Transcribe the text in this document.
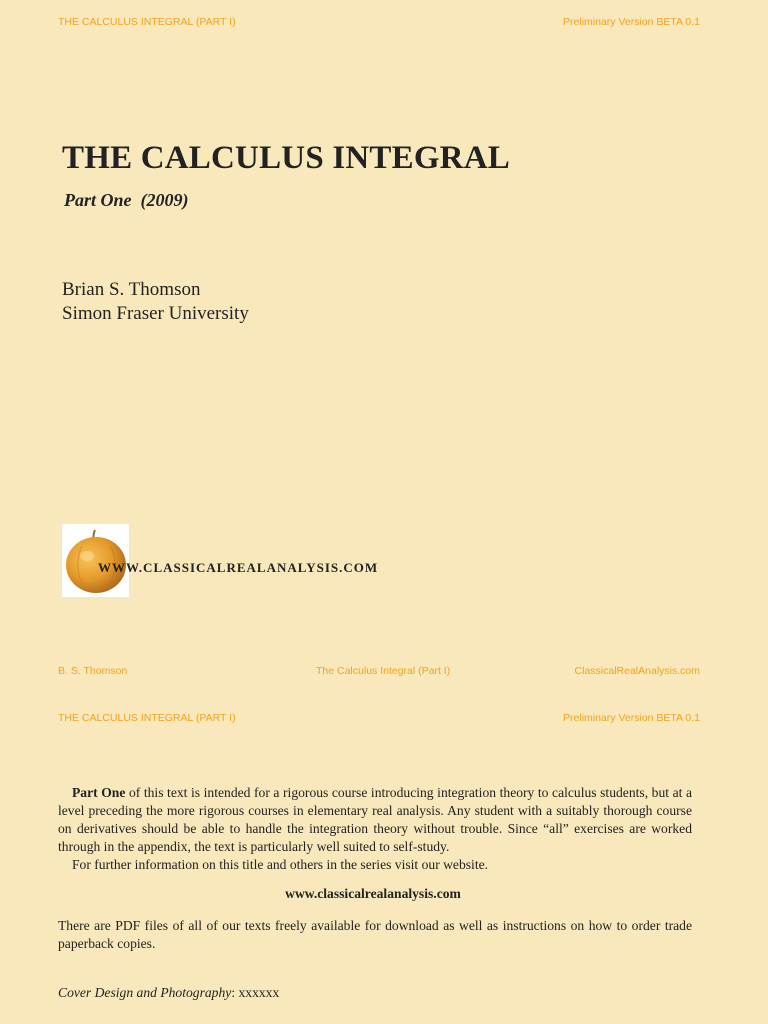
THE CALCULUS INTEGRAL (PART I)	Preliminary Version BETA 0.1
THE CALCULUS INTEGRAL
Part One  (2009)
Brian S. Thomson
Simon Fraser University
WWW.CLASSICALREALANALYSIS.COM
B. S. Thomson	The Calculus Integral (Part I)	ClassicalRealAnalysis.com
THE CALCULUS INTEGRAL (PART I)	Preliminary Version BETA 0.1
Part One of this text is intended for a rigorous course introducing integration theory to calculus students, but at a level preceding the more rigorous courses in elementary real analysis. Any student with a suitably thorough course on derivatives should be able to handle the integration theory without trouble. Since “all” exercises are worked through in the appendix, the text is particularly well suited to self-study.
For further information on this title and others in the series visit our website.
www.classicalrealanalysis.com
There are PDF files of all of our texts freely available for download as well as instructions on how to order trade paperback copies.
Cover Design and Photography: xxxxxx
